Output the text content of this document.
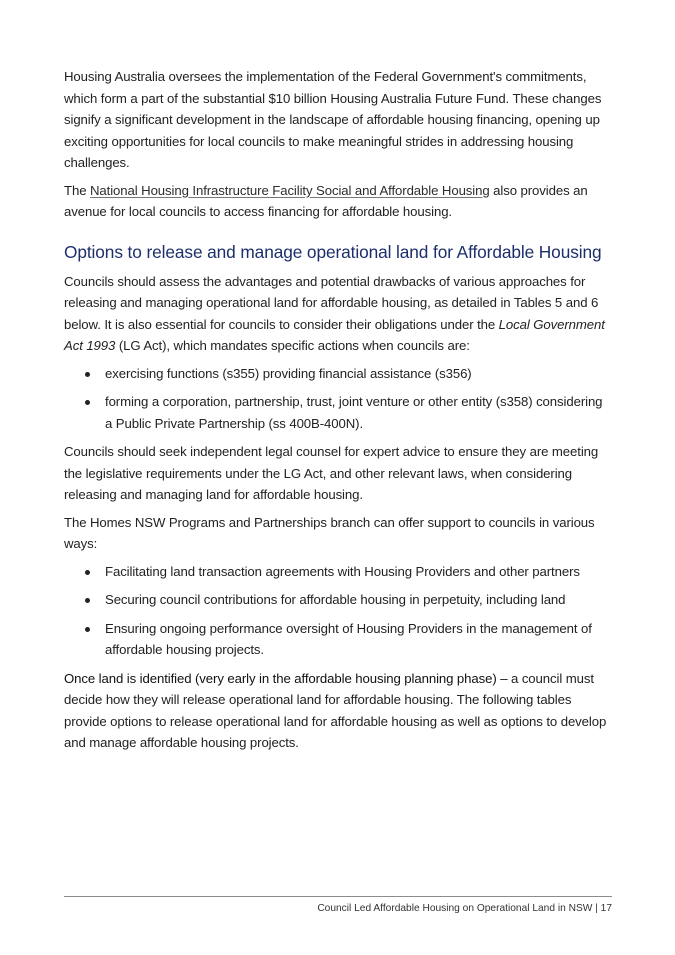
Housing Australia oversees the implementation of the Federal Government's commitments, which form a part of the substantial $10 billion Housing Australia Future Fund. These changes signify a significant development in the landscape of affordable housing financing, opening up exciting opportunities for local councils to make meaningful strides in addressing housing challenges.

The National Housing Infrastructure Facility Social and Affordable Housing also provides an avenue for local councils to access financing for affordable housing.

Options to release and manage operational land for Affordable Housing

Councils should assess the advantages and potential drawbacks of various approaches for releasing and managing operational land for affordable housing, as detailed in Tables 5 and 6 below. It is also essential for councils to consider their obligations under the Local Government Act 1993 (LG Act), which mandates specific actions when councils are:

exercising functions (s355) providing financial assistance (s356)
forming a corporation, partnership, trust, joint venture or other entity (s358) considering a Public Private Partnership (ss 400B-400N).

Councils should seek independent legal counsel for expert advice to ensure they are meeting the legislative requirements under the LG Act, and other relevant laws, when considering releasing and managing land for affordable housing.

The Homes NSW Programs and Partnerships branch can offer support to councils in various ways:

Facilitating land transaction agreements with Housing Providers and other partners
Securing council contributions for affordable housing in perpetuity, including land
Ensuring ongoing performance oversight of Housing Providers in the management of affordable housing projects.

Once land is identified (very early in the affordable housing planning phase) – a council must decide how they will release operational land for affordable housing. The following tables provide options to release operational land for affordable housing as well as options to develop and manage affordable housing projects.

Council Led Affordable Housing on Operational Land in NSW | 17
